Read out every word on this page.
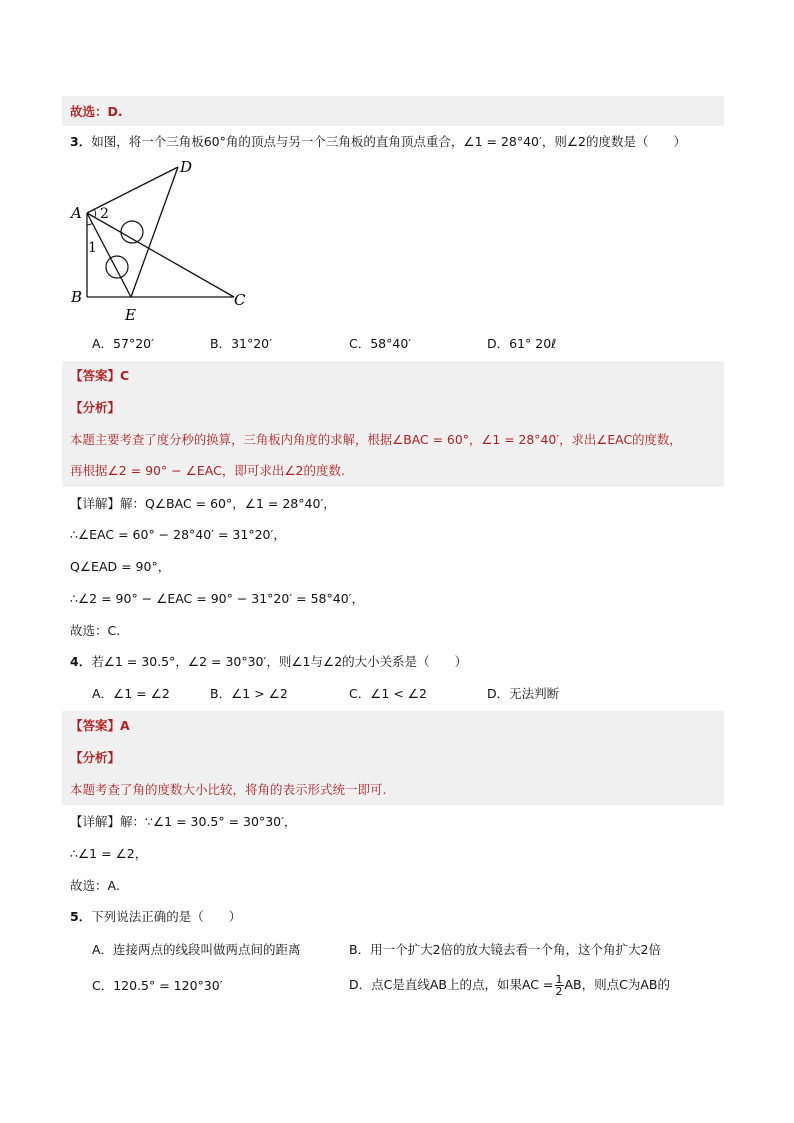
故选：D.
3．如图，将一个三角板60°角的顶点与另一个三角板的直角顶点重合，∠1 = 28°40′，则∠2的度数是（　　）
A
B	C
D
E
2
1
A．57°20′	B．31°20′	C．58°40′	D．61° 20ℓ
【答案】C
【分析】
本题主要考查了度分秒的换算，三角板内角度的求解，根据∠BAC = 60°，∠1 = 28°40′，求出∠EAC的度数，
再根据∠2 = 90° − ∠EAC，即可求出∠2的度数.
【详解】解：Q∠BAC = 60°，∠1 = 28°40′，
∴∠EAC = 60° − 28°40′ = 31°20′，
Q∠EAD = 90°，
∴∠2 = 90° − ∠EAC = 90° − 31°20′ = 58°40′，
故选：C.
4．若∠1 = 30.5°，∠2 = 30°30′，则∠1与∠2的大小关系是（　　）
A．∠1 = ∠2	B．∠1 > ∠2	C．∠1 < ∠2	D．无法判断
【答案】A
【分析】
本题考查了角的度数大小比较，将角的表示形式统一即可.
【详解】解：∵∠1 = 30.5° = 30°30′，
∴∠1 = ∠2，
故选：A.
5．下列说法正确的是（　　）
A．连接两点的线段叫做两点间的距离	B．用一个扩大2倍的放大镜去看一个角，这个角扩大2倍
C．120.5° = 120°30′	D．点C是直线AB上的点，如果AC = $\frac{1}{2}$ AB，则点C为AB的
